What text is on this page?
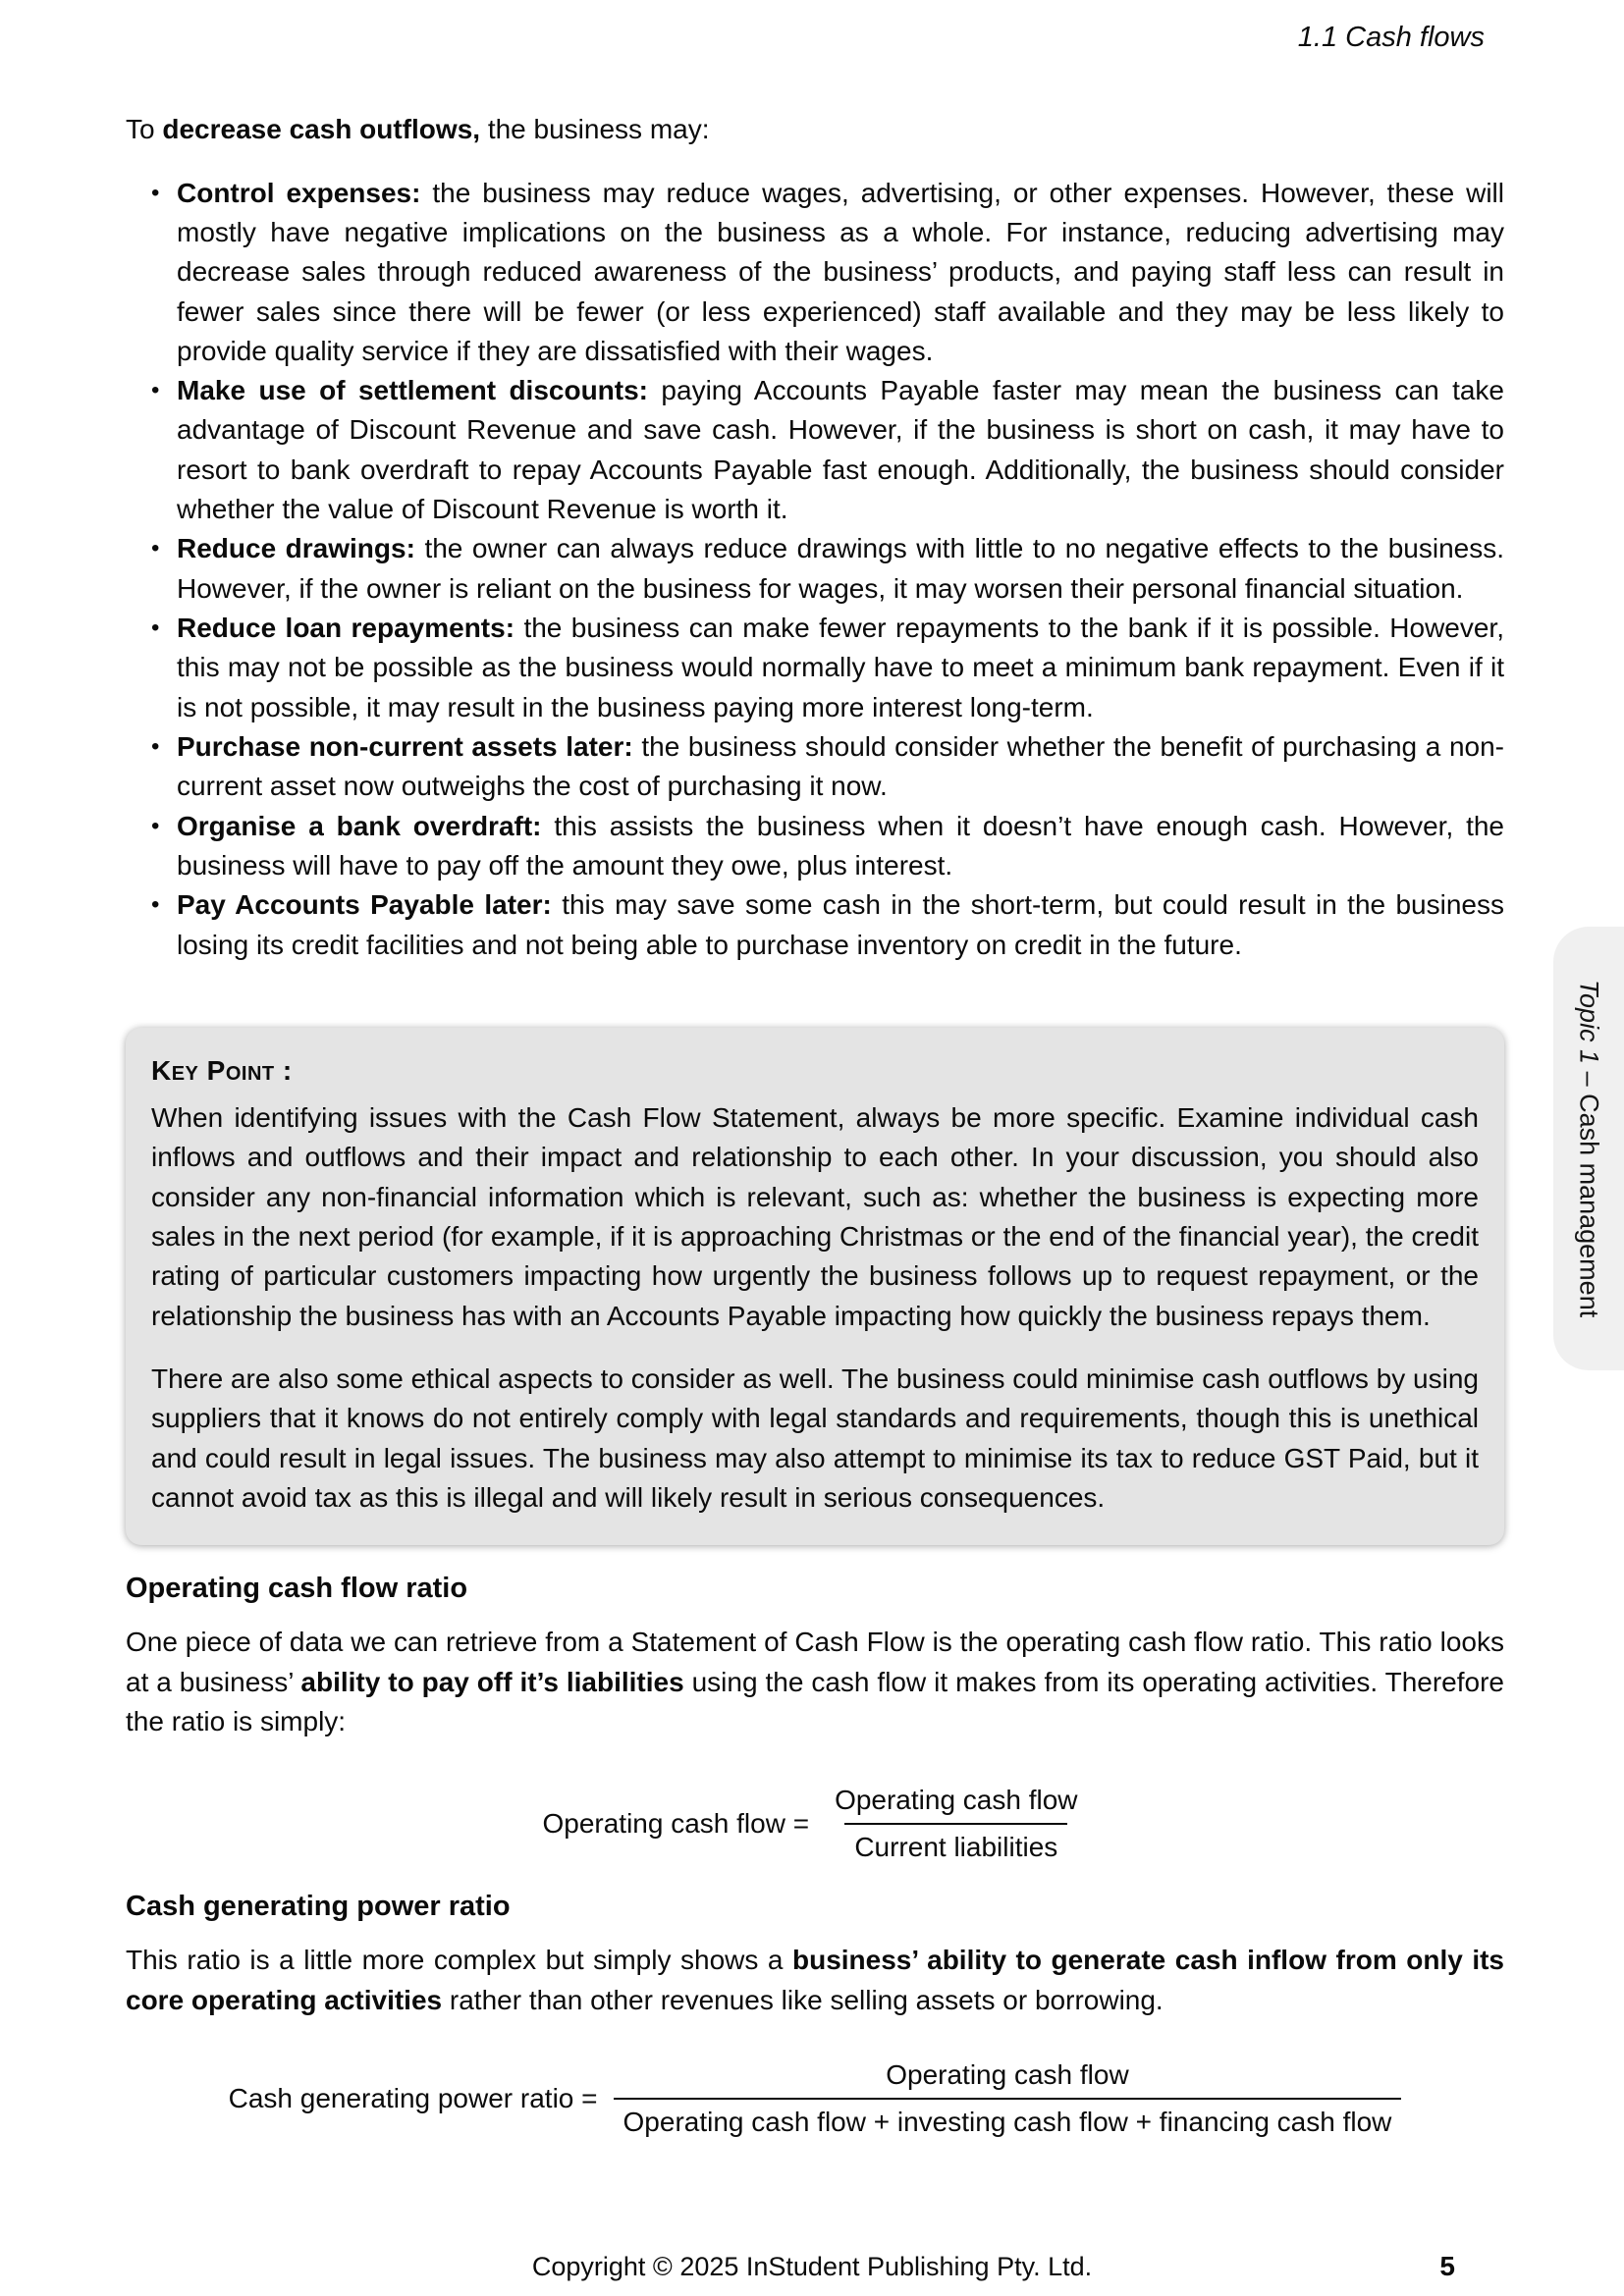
1.1 Cash flows

To decrease cash outflows, the business may:

• Control expenses: the business may reduce wages, advertising, or other expenses. However, these will mostly have negative implications on the business as a whole. For instance, reducing advertising may decrease sales through reduced awareness of the business’ products, and paying staff less can result in fewer sales since there will be fewer (or less experienced) staff available and they may be less likely to provide quality service if they are dissatisfied with their wages.
• Make use of settlement discounts: paying Accounts Payable faster may mean the business can take advantage of Discount Revenue and save cash. However, if the business is short on cash, it may have to resort to bank overdraft to repay Accounts Payable fast enough. Additionally, the business should consider whether the value of Discount Revenue is worth it.
• Reduce drawings: the owner can always reduce drawings with little to no negative effects to the business. However, if the owner is reliant on the business for wages, it may worsen their personal financial situation.
• Reduce loan repayments: the business can make fewer repayments to the bank if it is possible. However, this may not be possible as the business would normally have to meet a minimum bank repayment. Even if it is not possible, it may result in the business paying more interest long-term.
• Purchase non-current assets later: the business should consider whether the benefit of purchasing a non-current asset now outweighs the cost of purchasing it now.
• Organise a bank overdraft: this assists the business when it doesn’t have enough cash. However, the business will have to pay off the amount they owe, plus interest.
• Pay Accounts Payable later: this may save some cash in the short-term, but could result in the business losing its credit facilities and not being able to purchase inventory on credit in the future.

Key Point :

When identifying issues with the Cash Flow Statement, always be more specific. Examine individual cash inflows and outflows and their impact and relationship to each other. In your discussion, you should also consider any non-financial information which is relevant, such as: whether the business is expecting more sales in the next period (for example, if it is approaching Christmas or the end of the financial year), the credit rating of particular customers impacting how urgently the business follows up to request repayment, or the relationship the business has with an Accounts Payable impacting how quickly the business repays them.

There are also some ethical aspects to consider as well. The business could minimise cash outflows by using suppliers that it knows do not entirely comply with legal standards and requirements, though this is unethical and could result in legal issues. The business may also attempt to minimise its tax to reduce GST Paid, but it cannot avoid tax as this is illegal and will likely result in serious consequences.

Operating cash flow ratio

One piece of data we can retrieve from a Statement of Cash Flow is the operating cash flow ratio. This ratio looks at a business’ ability to pay off it’s liabilities using the cash flow it makes from its operating activities. Therefore the ratio is simply:

Operating cash flow = $\frac{\text{Operating cash flow}}{\text{Current liabilities}}$
Cash generating power ratio

This ratio is a little more complex but simply shows a business’ ability to generate cash inflow from only its core operating activities rather than other revenues like selling assets or borrowing.

Cash generating power ratio =
Operating cash flow
Operating cash flow + investing cash flow + financing cash flow
Topic 1 – Cash management
Copyright © 2025 InStudent Publishing Pty. Ltd.	5
